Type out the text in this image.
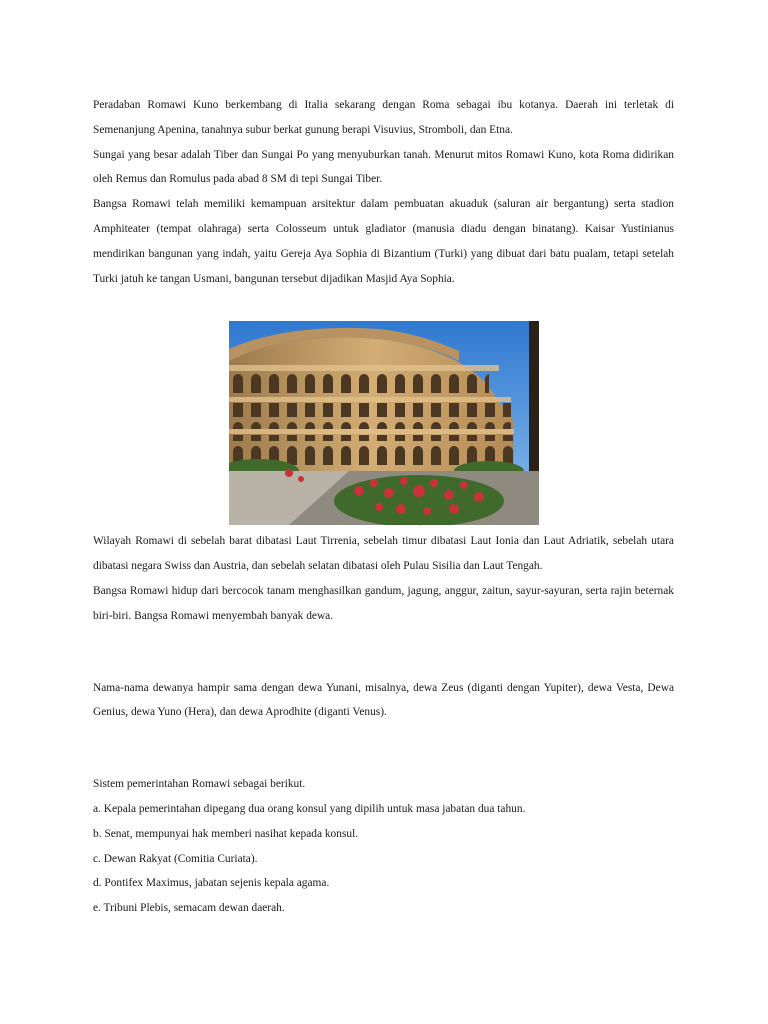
Peradaban Romawi Kuno berkembang di Italia sekarang dengan Roma sebagai ibu kotanya. Daerah ini terletak di Semenanjung Apenina, tanahnya subur berkat gunung berapi Visuvius, Stromboli, dan Etna.

Sungai yang besar adalah Tiber dan Sungai Po yang menyuburkan tanah. Menurut mitos Romawi Kuno, kota Roma didirikan oleh Remus dan Romulus pada abad 8 SM di tepi Sungai Tiber.

Bangsa Romawi telah memiliki kemampuan arsitektur dalam pembuatan akuaduk (saluran air bergantung) serta stadion Amphiteater (tempat olahraga) serta Colosseum untuk gladiator (manusia diadu dengan binatang). Kaisar Yustinianus mendirikan bangunan yang indah, yaitu Gereja Aya Sophia di Bizantium (Turki) yang dibuat dari batu pualam, tetapi setelah Turki jatuh ke tangan Usmani, bangunan tersebut dijadikan Masjid Aya Sophia.

Wilayah Romawi di sebelah barat dibatasi Laut Tirrenia, sebelah timur dibatasi Laut Ionia dan Laut Adriatik, sebelah utara dibatasi negara Swiss dan Austria, dan sebelah selatan dibatasi oleh Pulau Sisilia dan Laut Tengah.

Bangsa Romawi hidup dari bercocok tanam menghasilkan gandum, jagung, anggur, zaitun, sayur-sayuran, serta rajin beternak biri-biri. Bangsa Romawi menyembah banyak dewa.

Nama-nama dewanya hampir sama dengan dewa Yunani, misalnya, dewa Zeus (diganti dengan Yupiter), dewa Vesta, Dewa Genius, dewa Yuno (Hera), dan dewa Aprodhite (diganti Venus).

Sistem pemerintahan Romawi sebagai berikut.

a. Kepala pemerintahan dipegang dua orang konsul yang dipilih untuk masa jabatan dua tahun.

b. Senat, mempunyai hak memberi nasihat kepada konsul.

c. Dewan Rakyat (Comitia Curiata).

d. Pontifex Maximus, jabatan sejenis kepala agama.

e. Tribuni Plebis, semacam dewan daerah.
